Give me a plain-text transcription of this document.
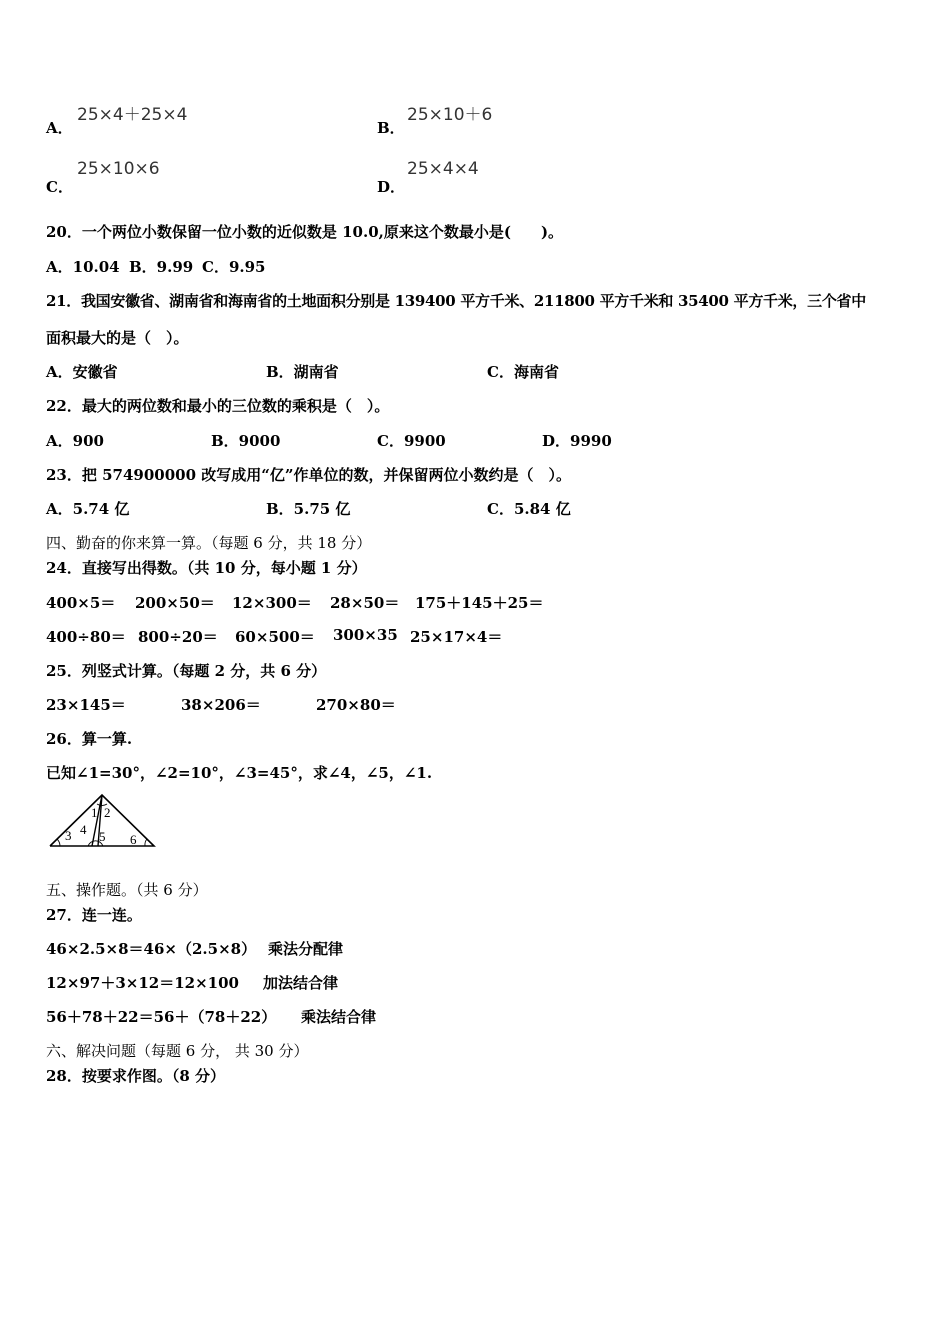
A．
25×4＋25×4
B．
25×10＋6
C．
25×10×6
D．
25×4×4
20．一个两位小数保留一位小数的近似数是 10.0,原来这个数最小是(　　)。
A．10.04 B．9.99 C．9.95
21．我国安徽省、湖南省和海南省的土地面积分别是 139400 平方千米、211800 平方千米和 35400 平方千米，三个省中
面积最大的是（　）。
A．安徽省	B．湖南省	C．海南省
22．最大的两位数和最小的三位数的乘积是（　）。
A．900	B．9000	C．9900	D．9990
23．把 574900000 改写成用“亿”作单位的数，并保留两位小数约是（　）。
A．5.74 亿	B．5.75 亿	C．5.84 亿
四、勤奋的你来算一算。（每题 6 分，共 18 分）
24．直接写出得数。（共 10 分，每小题 1 分）
400×5＝ 200×50＝ 12×300＝ 28×50＝ 175＋145＋25＝
400÷80＝ 800÷20＝ 60×500＝ 300×35 25×17×4＝
25．列竖式计算。（每题 2 分，共 6 分）
23×145＝	38×206＝	270×80＝
26．算一算.
已知∠1=30°，∠2=10°，∠3=45°，求∠4，∠5，∠1.
1 2
3 4 5 6
五、操作题。（共 6 分）
27．连一连。
46×2.5×8＝46×（2.5×8） 乘法分配律
12×97＋3×12＝12×100 加法结合律
56＋78＋22＝56＋（78＋22） 乘法结合律
六、解决问题（每题 6 分， 共 30 分）
28．按要求作图。（8 分）
